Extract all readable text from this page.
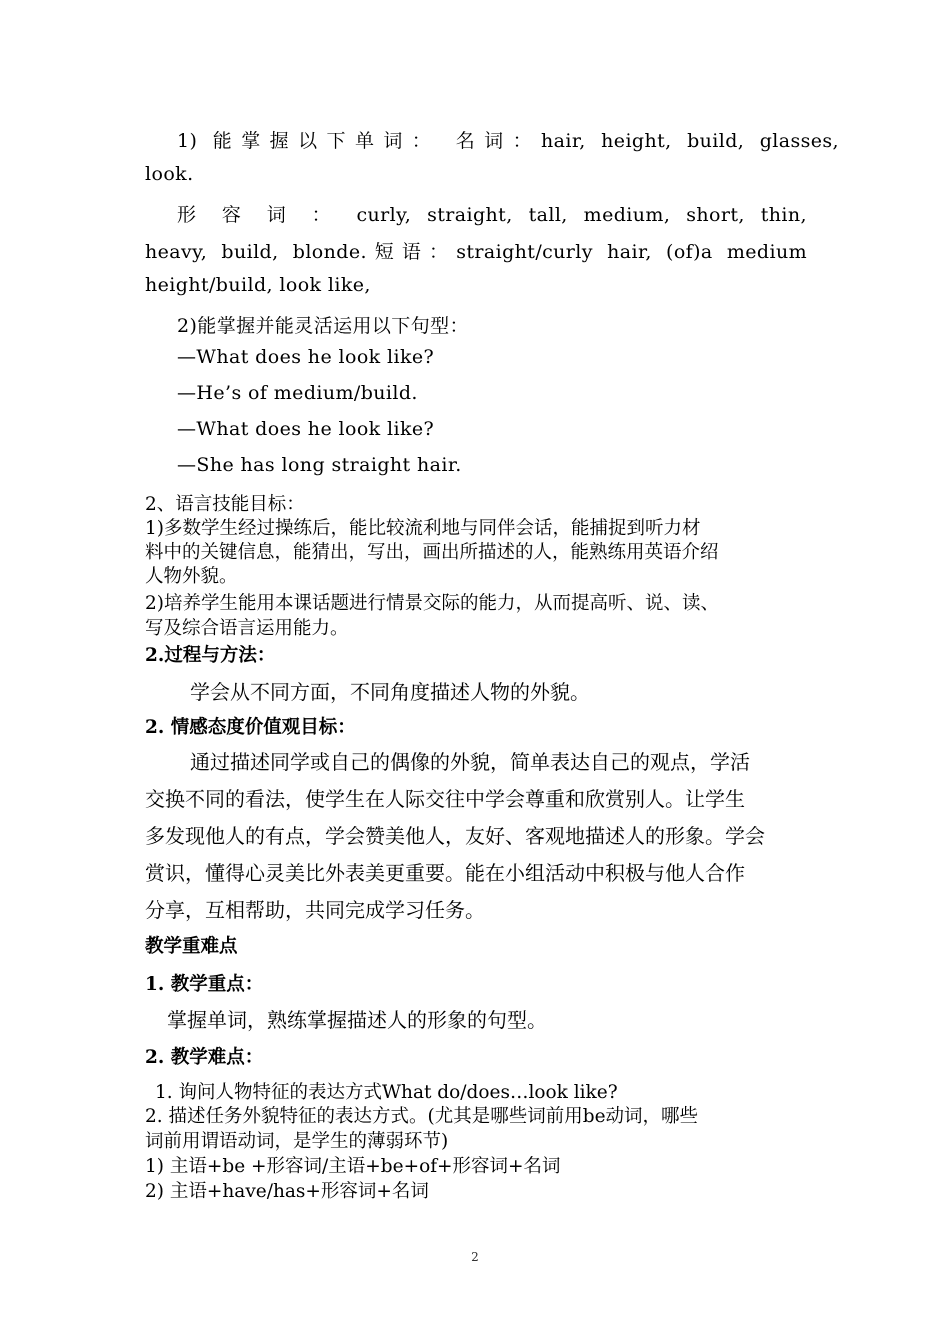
1) 能掌握以下单词： 名词：hair, height, build, glasses,
look.
形 容 词 ： curly, straight, tall, medium, short, thin,
heavy, build, blonde.短语：straight/curly hair, (of)a medium
height/build, look like,
2)能掌握并能灵活运用以下句型：
—What does he look like?
—He’s of medium/build.
—What does he look like?
—She has long straight hair.
2、语言技能目标：
1)多数学生经过操练后，能比较流利地与同伴会话，能捕捉到听力材
料中的关键信息，能猜出，写出，画出所描述的人，能熟练用英语介绍
人物外貌。
2)培养学生能用本课话题进行情景交际的能力，从而提高听、说、读、
写及综合语言运用能力。
2.过程与方法：
学会从不同方面，不同角度描述人物的外貌。
2. 情感态度价值观目标：
通过描述同学或自己的偶像的外貌，简单表达自己的观点，学活
交换不同的看法，使学生在人际交往中学会尊重和欣赏别人。让学生
多发现他人的有点，学会赞美他人，友好、客观地描述人的形象。学会
赏识，懂得心灵美比外表美更重要。能在小组活动中积极与他人合作
分享，互相帮助，共同完成学习任务。
教学重难点
1. 教学重点：
掌握单词，熟练掌握描述人的形象的句型。
2. 教学难点：
1. 询问人物特征的表达方式What do/does…look like?
2. 描述任务外貌特征的表达方式。(尤其是哪些词前用be动词，哪些
词前用谓语动词，是学生的薄弱环节)
1) 主语+be +形容词/主语+be+of+形容词+名词
2) 主语+have/has+形容词+名词
2
